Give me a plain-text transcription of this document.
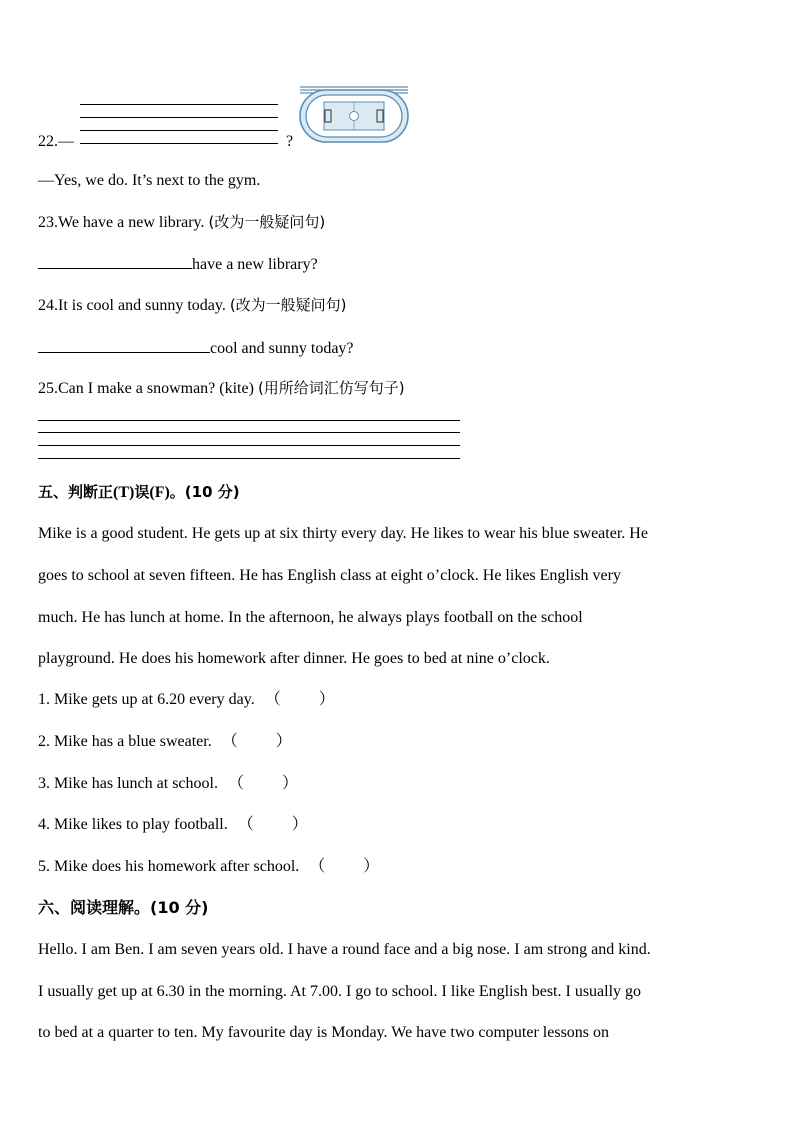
22.—	?
—Yes, we do. It’s next to the gym.
23.We have a new library. (改为一般疑问句)
have a new library?
24.It is cool and sunny today. (改为一般疑问句)
cool and sunny today?
25.Can I make a snowman? (kite) (用所给词汇仿写句子)
五、判断正(T)误(F)。(10 分)
Mike is a good student. He gets up at six thirty every day. He likes to wear his blue sweater. He
goes to school at seven fifteen. He has English class at eight o’clock. He likes English very
much. He has lunch at home. In the afternoon, he always plays football on the school
playground. He does his homework after dinner. He goes to bed at nine o’clock.
1. Mike gets up at 6.20 every day. （ ）
2. Mike has a blue sweater. （ ）
3. Mike has lunch at school. （ ）
4. Mike likes to play football. （ ）
5. Mike does his homework after school. （ ）
六、阅读理解。(10 分)
Hello. I am Ben. I am seven years old. I have a round face and a big nose. I am strong and kind.
I usually get up at 6.30 in the morning. At 7.00. I go to school. I like English best. I usually go
to bed at a quarter to ten. My favourite day is Monday. We have two computer lessons on
